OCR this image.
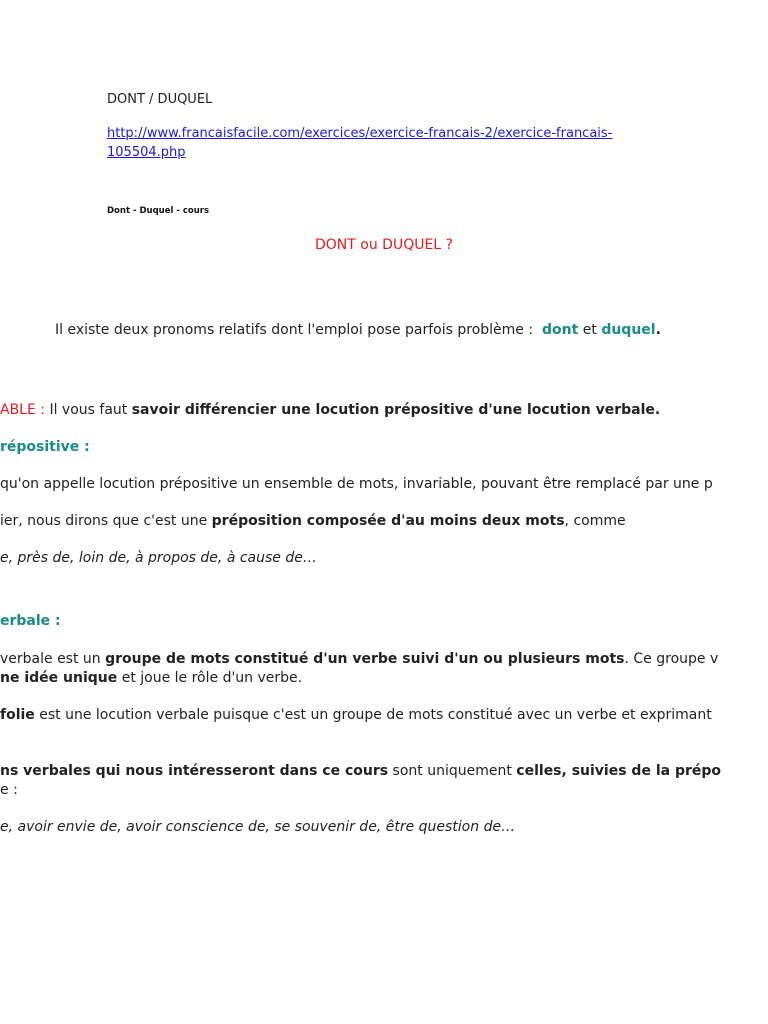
DONT / DUQUEL
http://www.francaisfacile.com/exercices/exercice-francais-2/exercice-francais-105504.php
Dont - Duquel - cours
DONT ou DUQUEL ?
Il existe deux pronoms relatifs dont l'emploi pose parfois problème : dont et duquel.
ABLE : Il vous faut savoir différencier une locution prépositive d'une locution verbale.
répositive :
qu'on appelle locution prépositive un ensemble de mots, invariable, pouvant être remplacé par une p
ier, nous dirons que c'est une préposition composée d'au moins deux mots, comme
e, près de, loin de, à propos de, à cause de…
erbale :
verbale est un groupe de mots constitué d'un verbe suivi d'un ou plusieurs mots. Ce groupe v
ne idée unique et joue le rôle d'un verbe.
folie est une locution verbale puisque c'est un groupe de mots constitué avec un verbe et exprimant
ns verbales qui nous intéresseront dans ce cours sont uniquement celles, suivies de la prépo
e :
e, avoir envie de, avoir conscience de, se souvenir de, être question de…
